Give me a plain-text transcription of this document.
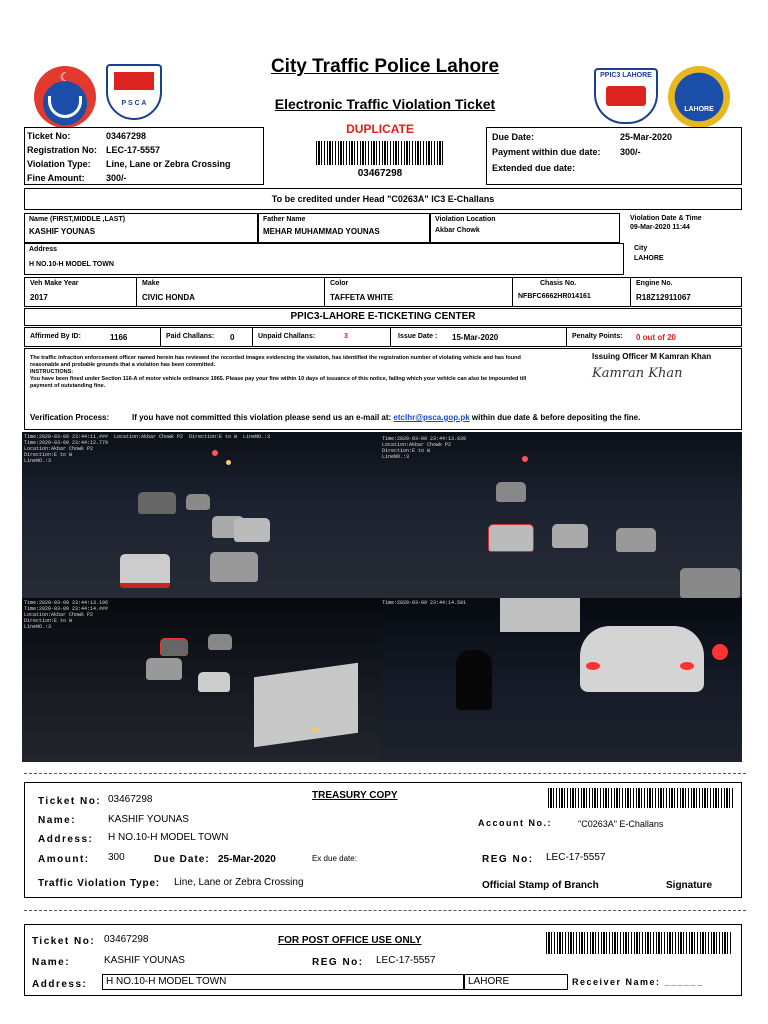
☾
P S C A
City Traffic Police Lahore
Electronic Traffic Violation Ticket
PPIC3 LAHORE
LAHORE
Ticket No:	03467298
Registration No: LEC-17-5557
Violation Type: Line, Lane or Zebra Crossing
Fine Amount: 300/-
DUPLICATE
03467298
Due Date:	25-Mar-2020
Payment within due date: 300/-
Extended due date:
To be credited under Head "C0263A" IC3 E-Challans
Name (FIRST,MIDDLE ,LAST)
KASHIF YOUNAS
Father Name
MEHAR MUHAMMAD YOUNAS
Violation Location
Akbar Chowk
Violation Date & Time
09-Mar-2020 11:44
Address
H NO.10-H MODEL TOWN
City
LAHORE
Veh Make Year
2017
Make
CIVIC HONDA
Color
TAFFETA WHITE
Chasis No.
NFBFC6662HR014161
Engine No.
R18Z12911067
PPIC3-LAHORE E-TICKETING CENTER
Affirmed By ID:	1166	Paid Challans: 0	Unpaid Challans:	3	Issue Date : 15-Mar-2020	Penalty Points: 0 out of 20
The traffic infraction enforcement officer named herein has reviewed the recorded images evidencing the violation, has identified the registration number of violating vehicle and has found reasonable and probable grounds that a violation has been committed.
INSTRUCTIONS:
You have been fined under Section 116-A of motor vehicle ordinance 1965. Please pay your fine within 10 days of issuance of this notice, failing which your vehicle can also be impounded till payment of outstanding fine.
Issuing Officer M Kamran Khan
Kamran Khan
Verification Process:	If you have not committed this violation please send us an e-mail at: etclhr@psca.gop.pk within due date & before depositing the fine.
Time:2020-03-09 23:44:11.###  Location:Akbar Chowk P2  Direction:E to W  LineNO.:3
Time:2020-03-09 23:44:12.779
Location:Akbar Chowk P2
Direction:E to W
LineNO.:3
Time:2020-03-09 23:44:13.839
Location:Akbar Chowk P2
Direction:E to W
LineNO.:3
Time:2020-03-09 23:44:13.196
Time:2020-03-09 23:44:14.###
Location:Akbar Chowk P2
Direction:E to W
LineNO.:3
Time:2020-03-09 23:44:14.501
Ticket No: 03467298	TREASURY COPY
Name:	KASHIF YOUNAS	Account No.:	"C0263A" E-Challans
Address: H NO.10-H MODEL TOWN
Amount: 300	Due Date: 25-Mar-2020	Ex due date:	REG No: LEC-17-5557
Traffic Violation Type: Line, Lane or Zebra Crossing	Official Stamp of Branch	Signature
Ticket No: 03467298	FOR POST OFFICE USE ONLY
Name:	KASHIF YOUNAS	REG No: LEC-17-5557
Address:	H NO.10-H MODEL TOWN	LAHORE	Receiver Name: ______
